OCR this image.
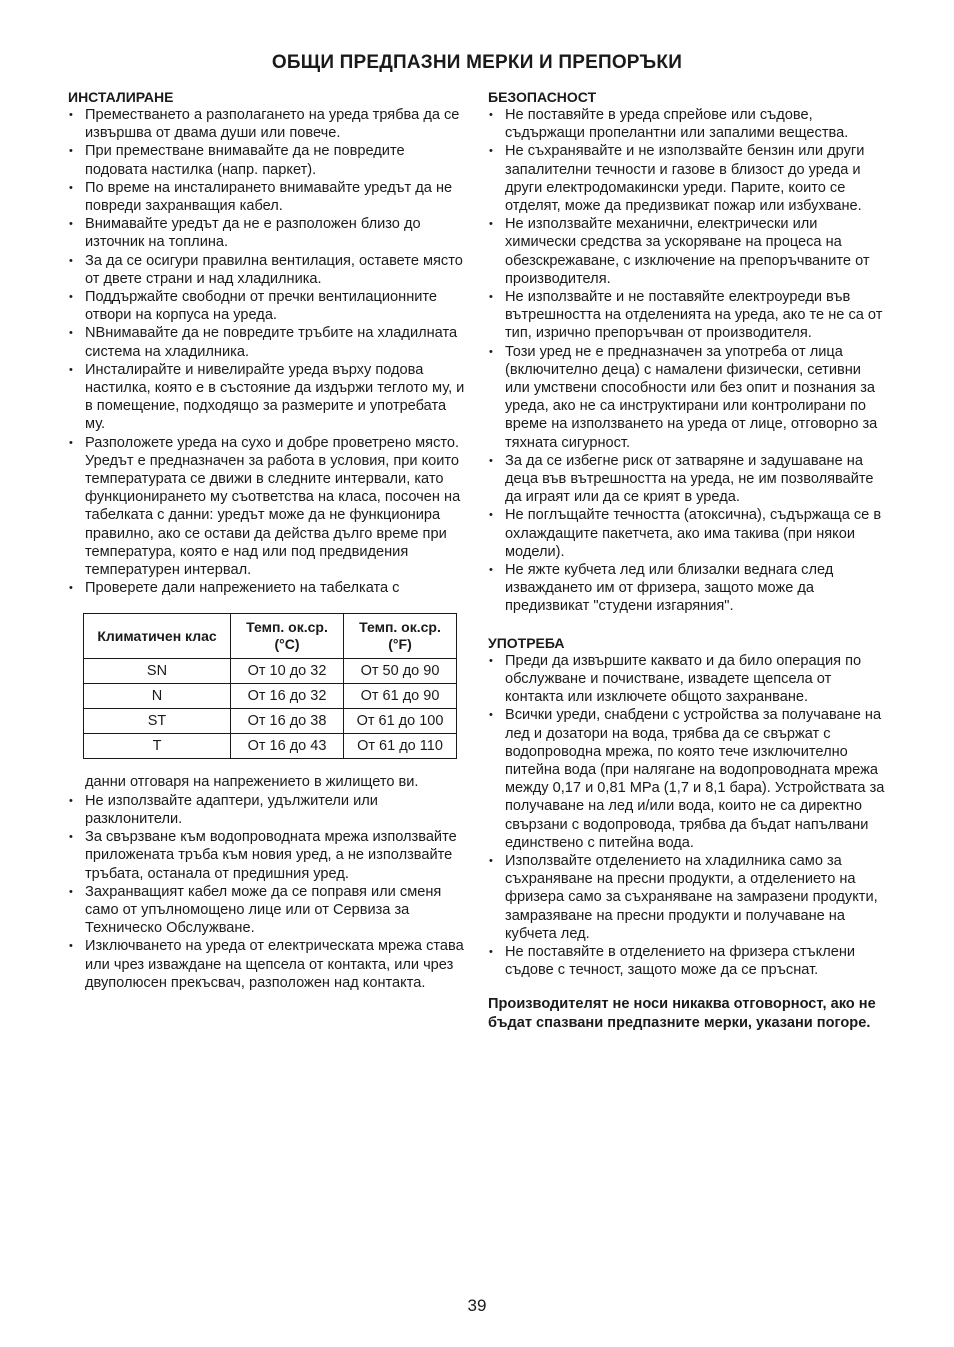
ОБЩИ ПРЕДПАЗНИ МЕРКИ И ПРЕПОРЪКИ
ИНСТАЛИРАНЕ
• Преместването а разполагането на уреда трябва да се извършва от двама души или повече.
• При преместване внимавайте да не повредите подовата настилка (напр. паркет).
• По време на инсталирането внимавайте уредът да не повреди захранващия кабел.
• Внимавайте уредът да не е разположен близо до източник на топлина.
• За да се осигури правилна вентилация, оставете място от двете страни и над хладилника.
• Поддържайте свободни от пречки вентилационните отвори на корпуса на уреда.
• NВнимавайте да не повредите тръбите на хладилната система на хладилника.
• Инсталирайте и нивелирайте уреда върху подова настилка, която е в състояние да издържи теглото му, и в помещение, подходящо за размерите и употребата му.
• Разположете уреда на сухо и добре проветрено място. Уредът е предназначен за работа в условия, при които температурата се движи в следните интервали, като функционирането му съответства на класа, посочен на табелката с данни: уредът може да не функционира правилно, ако се остави да действа дълго време при температура, която е над или под предвидения температурен интервал.
• Проверете дали напрежението на табелката с
Климатичен клас	Темп. ок.ср. (°C)	Темп. ок.ср. (°F)
SN	От 10 до 32	От 50 до 90
N	От 16 до 32	От 61 до 90
ST	От 16 до 38	От 61 до 100
T	От 16 до 43	От 61 до 110
данни отговаря на напрежението в жилището ви.
• Не използвайте адаптери, удължители или разклонители.
• За свързване към водопроводната мрежа използвайте приложената тръба към новия уред, а не използвайте тръбата, останала от предишния уред.
• Захранващият кабел може да се поправя или сменя само от упълномощено лице или от Сервиза за Техническо Обслужване.
• Изключването на уреда от електрическата мрежа става или чрез изваждане на щепсела от контакта, или чрез двуполюсен прекъсвач, разположен над контакта.
БЕЗОПАСНОСТ
• Не поставяйте в уреда спрейове или съдове, съдържащи пропелантни или запалими вещества.
• Не съхранявайте и не използвайте бензин или други запалителни течности и газове в близост до уреда и други електродомакински уреди. Парите, които се отделят, може да предизвикат пожар или избухване.
• Не използвайте механични, електрически или химически средства за ускоряване на процеса на обезскрежаване, с изключение на препоръчваните от производителя.
• Не използвайте и не поставяйте електроуреди във вътрешността на отделенията на уреда, ако те не са от тип, изрично препоръчван от производителя.
• Този уред не е предназначен за употреба от лица (включително деца) с намалени физически, сетивни или умствени способности или без опит и познания за уреда, ако не са инструктирани или контролирани по време на използването на уреда от лице, отговорно за тяхната сигурност.
• За да се избегне риск от затваряне и задушаване на деца във вътрешността на уреда, не им позволявайте да играят или да се крият в уреда.
• Не поглъщайте течността (атоксична), съдържаща се в охлаждащите пакетчета, ако има такива (при някои модели).
• Не яжте кубчета лед или близалки веднага след изваждането им от фризера, защото може да предизвикат "студени изгаряния".
УПОТРЕБА
• Преди да извършите каквато и да било операция по обслужване и почистване, извадете щепсела от контакта или изключете общото захранване.
• Всички уреди, снабдени с устройства за получаване на лед и дозатори на вода, трябва да се свържат с водопроводна мрежа, по която тече изключително питейна вода (при налягане на водопроводната мрежа между 0,17 и 0,81 MPa (1,7 и 8,1 бара). Устройствата за получаване на лед и/или вода, които не са директно свързани с водопровода, трябва да бъдат напълвани единствено с питейна вода.
• Използвайте отделението на хладилника само за съхраняване на пресни продукти, а отделението на фризера само за съхраняване на замразени продукти, замразяване на пресни продукти и получаване на кубчета лед.
• Не поставяйте в отделението на фризера стъклени съдове с течност, защото може да се пръснат.

Производителят не носи никаква отговорност, ако не бъдат спазвани предпазните мерки, указани погоре.

39
